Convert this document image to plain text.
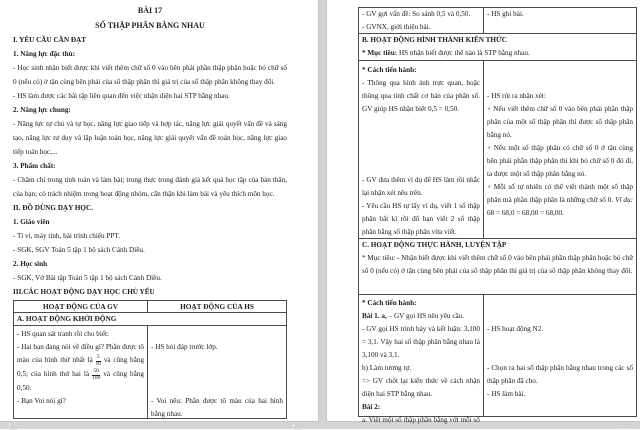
BÀI 17
SỐ THẬP PHÂN BẰNG NHAU
I. YÊU CẦU CẦN ĐẠT
1. Năng lực đặc thù:
- Học sinh nhận biết được khi viết thêm chữ số 0 vào bên phải phần thập phân hoặc bỏ chữ số 0 (nếu có) ở tận cùng bên phải của số thập phân thì giá trị của số thập phân không thay đổi.
- HS làm được các bài tập liên quan đến việc nhận diện hai STP bằng nhau.
2. Năng lực chung:
- Năng lực tự chủ và tự học, năng lực giao tiếp và hợp tác, năng lực giải quyết vấn đề và sáng tạo, năng lực tư duy và lập luận toán học, năng lực giải quyết vấn đề toán học, năng lực giao tiếp toán học,...
3. Phẩm chất:
- Chăm chỉ trong tính toán và làm bài; trung thực trong đánh giá kết quả học tập của bản thân, của bạn; có trách nhiệm trong hoạt động nhóm, cẩn thận khi làm bài và yêu thích môn học.
II. ĐỒ DÙNG DẠY HỌC.
1. Giáo viên
- Ti vi, máy tính, bài trình chiếu PPT.
- SGK, SGV Toán 5 tập 1 bộ sách Cánh Diều.
2. Học sinh
- SGK, Vở Bài tập Toán 5 tập 1 bộ sách Cánh Diều.
III.CÁC HOẠT ĐỘNG DẠY HỌC CHỦ YẾU
HOẠT ĐỘNG CỦA GV	HOẠT ĐỘNG CỦA HS
A. HOẠT ĐỘNG KHỞI ĐỘNG
- HS quan sát tranh rồi cho biết:
- Hai bạn đang nói về điều gì? Phần được tô màu của hình thứ nhất là $\frac{5}{10}$ và cũng bằng 0,5; của hình thứ hai là $\frac{50}{100}$ và cũng bằng 0,50.
- Bạn Voi nói gì?
- HS hỏi đáp trước lớp.
- Voi nêu: Phần được tô màu của hai hình bằng nhau.
- GV gợi vấn đề: So sánh 0,5 và 0,50.
- GVNX, giới thiệu bài.
- HS ghi bài.
B. HOẠT ĐỘNG HÌNH THÀNH KIẾN THỨC
* Mục tiêu: HS nhận biết được thế nào là STP bằng nhau.
* Cách tiến hành:
- Thông qua hình ảnh trực quan, hoặc thông qua tính chất cơ bản của phân số. GV giúp HS nhận biết 0,5 = 0,50.
- GV đưa thêm ví dụ để HS làm rồi nhắc lại nhận xét nêu trên.
- Yêu cầu HS tự lấy ví dụ, viết 1 số thập phân bất kì rồi đố bạn viết 2 số thập phân bằng số thập phân vừa viết.
- HS rút ra nhận xét:
+ Nếu viết thêm chữ số 0 vào bên phải phần thập phân của một số thập phân thì được số thập phân bằng nó.
+ Nếu một số thập phân có chữ số 0 ở tận cùng bên phải phần thập phân thì khi bỏ chữ số 0 đó đi, ta được một số thập phân bằng nó.
+ Mỗi số tự nhiên có thể viết thành một số thập phân mà phần thập phân là những chữ số 0. Ví dụ: 68 = 68,0 = 68,00 = 68,00.
C. HOẠT ĐỘNG THỰC HÀNH, LUYỆN TẬP
* Mục tiêu: - Nhận biết được khi viết thêm chữ số 0 vào bên phải phần thập phân hoặc bỏ chữ số 0 (nếu có) ở tận cùng bên phải của số thập phân thì giá trị của số thập phân không thay đổi.
* Cách tiến hành:
Bài 1. a, – GV gọi HS nêu yêu cầu.
- GV gọi HS trình bày và kết luận: 3,100 = 3,1. Vậy hai số thập phân bằng nhau là 3,100 và 3,1.
b) Làm tương tự.
=> GV chốt lại kiến thức về cách nhận diện hai STP bằng nhau.
Bài 2:
a. Viết một số thập phân bằng với mỗi số
- HS hoạt động N2.
- Chọn ra hai số thập phân bằng nhau trong các số thập phân đã cho.
- HS làm bài.
